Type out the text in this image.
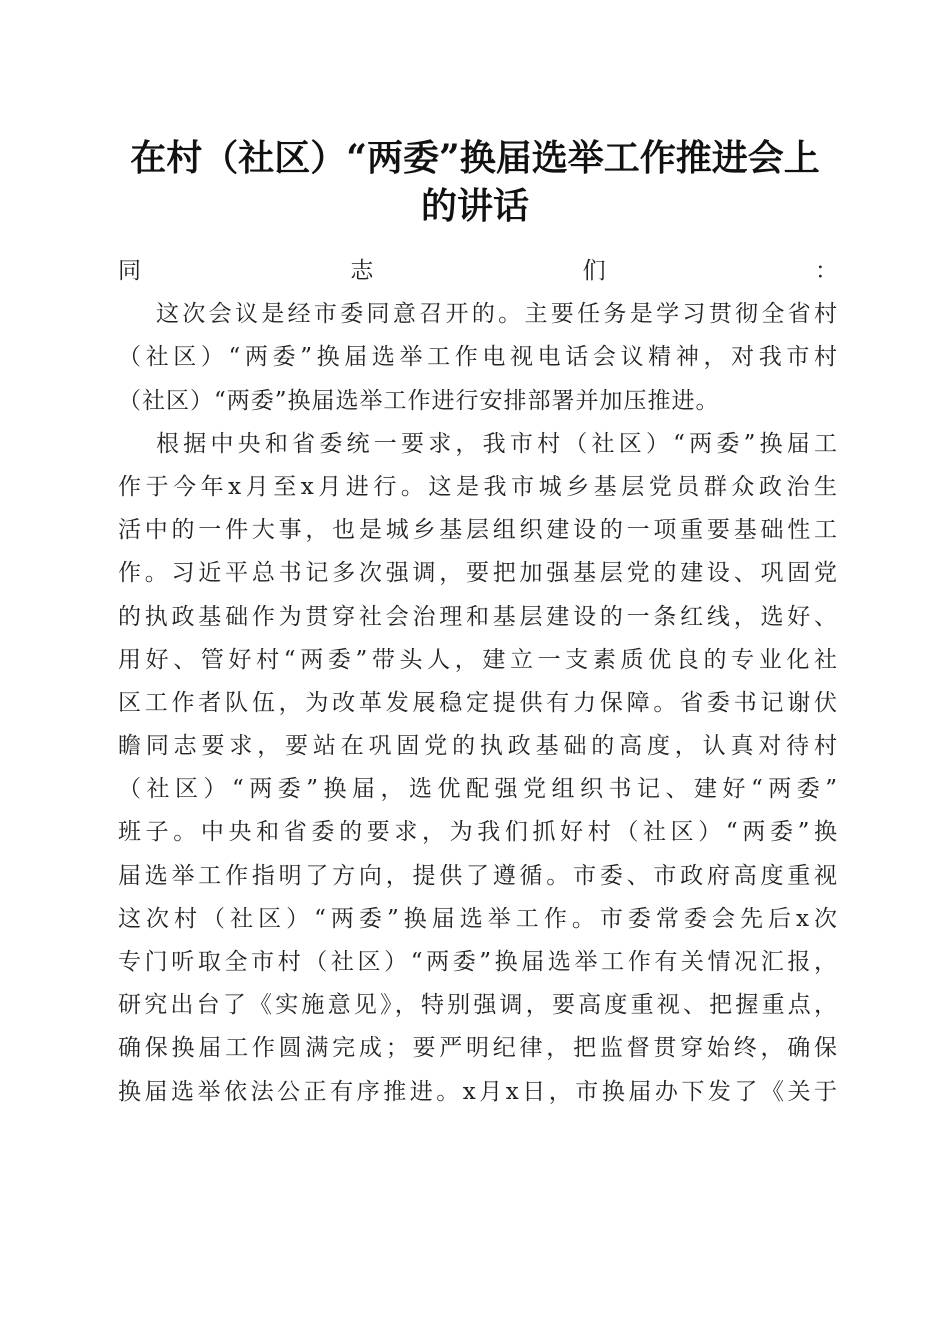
在村（社区）“两委”换届选举工作推进会上
的讲话
同志们：
这次会议是经市委同意召开的。主要任务是学习贯彻全省村
（社区）“两委”换届选举工作电视电话会议精神，对我市村
（社区）“两委”换届选举工作进行安排部署并加压推进。
根据中央和省委统一要求，我市村（社区）“两委”换届工
作于今年x月至x月进行。这是我市城乡基层党员群众政治生
活中的一件大事，也是城乡基层组织建设的一项重要基础性工
作。习近平总书记多次强调，要把加强基层党的建设、巩固党
的执政基础作为贯穿社会治理和基层建设的一条红线，选好、
用好、管好村“两委”带头人，建立一支素质优良的专业化社
区工作者队伍，为改革发展稳定提供有力保障。省委书记谢伏
瞻同志要求，要站在巩固党的执政基础的高度，认真对待村
（社区）“两委”换届，选优配强党组织书记、建好“两委”
班子。中央和省委的要求，为我们抓好村（社区）“两委”换
届选举工作指明了方向，提供了遵循。市委、市政府高度重视
这次村（社区）“两委”换届选举工作。市委常委会先后x次
专门听取全市村（社区）“两委”换届选举工作有关情况汇报，
研究出台了《实施意见》，特别强调，要高度重视、把握重点，
确保换届工作圆满完成；要严明纪律，把监督贯穿始终，确保
换届选举依法公正有序推进。x月x日，市换届办下发了《关于
